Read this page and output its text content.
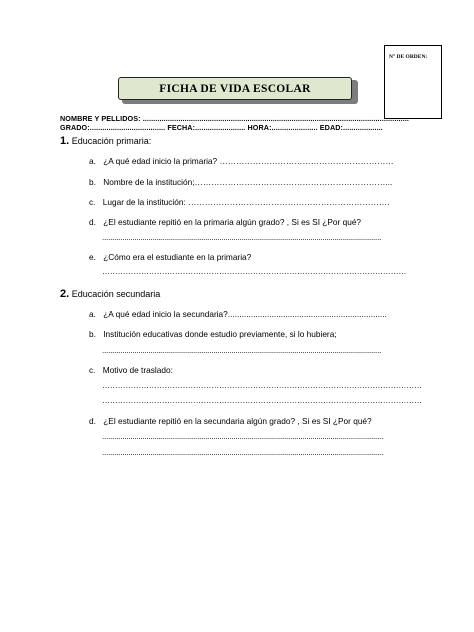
N° DE ORDEN:
FICHA DE VIDA ESCOLAR
NOMBRE Y PELLIDOS: ...............................................................................................................................
GRADO:.................................... FECHA:........................ HORA:...................... EDAD:...................
1. Educación primaria:
a. ¿A qué edad inicio la primaria? ………………………………………………………
b. Nombre de la institución;……………………………………………………………...
c. Lugar de la institución: ……………………………………………………………….
d. ¿El estudiante repitió en la primaria algún grado? , Si es SI ¿Por qué?
..........................................................................................................................................
e. ¿Cómo era el estudiante en la primaria?
………………………………………………………………………………………………………
2. Educación secundaria
a. ¿A qué edad inicio la secundaria?.....................................................................
b. Institución educativas donde estudio previamente, si lo hubiera;
..........................................................................................................................................
c. Motivo de traslado:
……………………………………………………………………………………………………………
……………………………………………………………………………………………………………
d. ¿El estudiante repitió en la secundaria algún grado? , Si es SI ¿Por qué?
...........................................................................................................................................
...........................................................................................................................................
